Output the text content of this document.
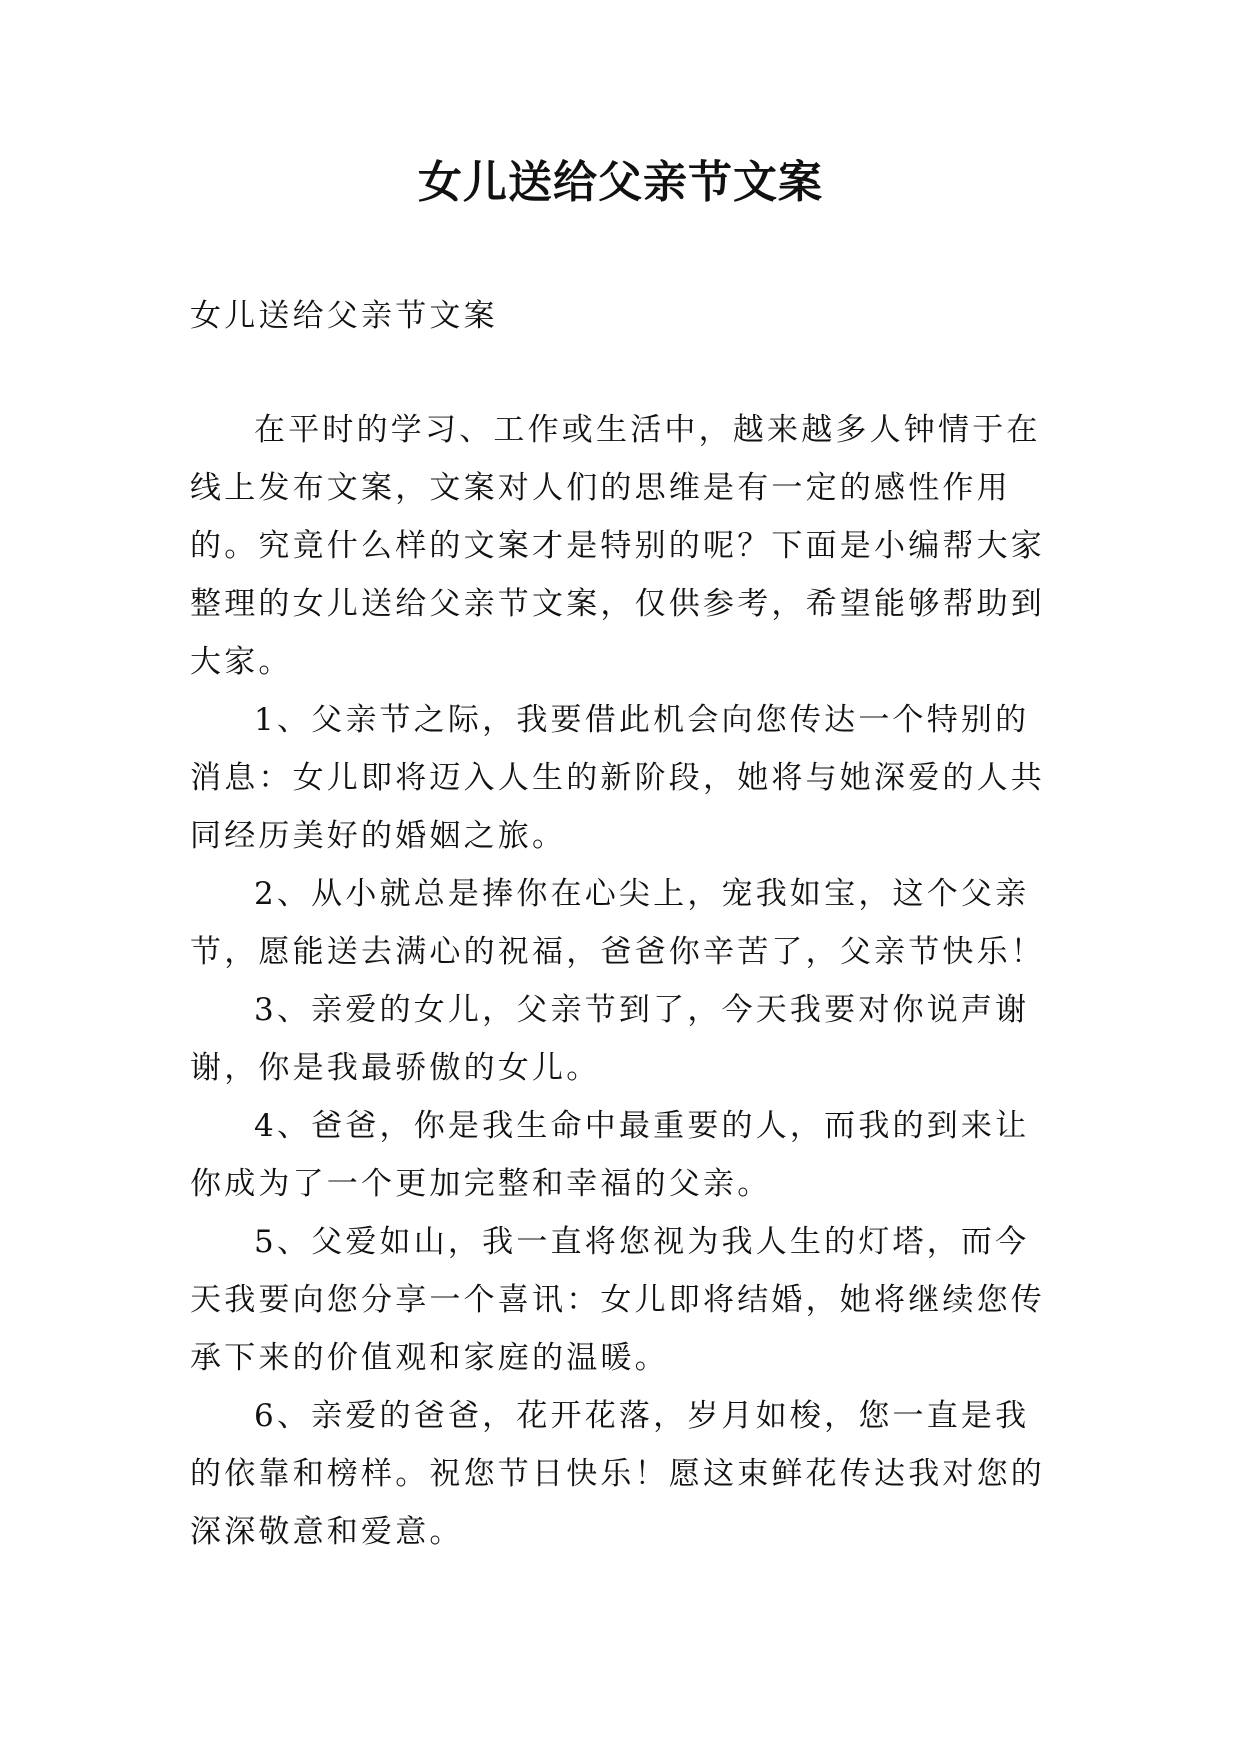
女儿送给父亲节文案

女儿送给父亲节文案

在平时的学习、工作或生活中，越来越多人钟情于在线上发布文案，文案对人们的思维是有一定的感性作用的。究竟什么样的文案才是特别的呢？下面是小编帮大家整理的女儿送给父亲节文案，仅供参考，希望能够帮助到大家。

1、父亲节之际，我要借此机会向您传达一个特别的消息：女儿即将迈入人生的新阶段，她将与她深爱的人共同经历美好的婚姻之旅。
2、从小就总是捧你在心尖上，宠我如宝，这个父亲节，愿能送去满心的祝福，爸爸你辛苦了，父亲节快乐！
3、亲爱的女儿，父亲节到了，今天我要对你说声谢谢，你是我最骄傲的女儿。
4、爸爸，你是我生命中最重要的人，而我的到来让你成为了一个更加完整和幸福的父亲。
5、父爱如山，我一直将您视为我人生的灯塔，而今天我要向您分享一个喜讯：女儿即将结婚，她将继续您传承下来的价值观和家庭的温暖。
6、亲爱的爸爸，花开花落，岁月如梭，您一直是我的依靠和榜样。祝您节日快乐！愿这束鲜花传达我对您的深深敬意和爱意。
